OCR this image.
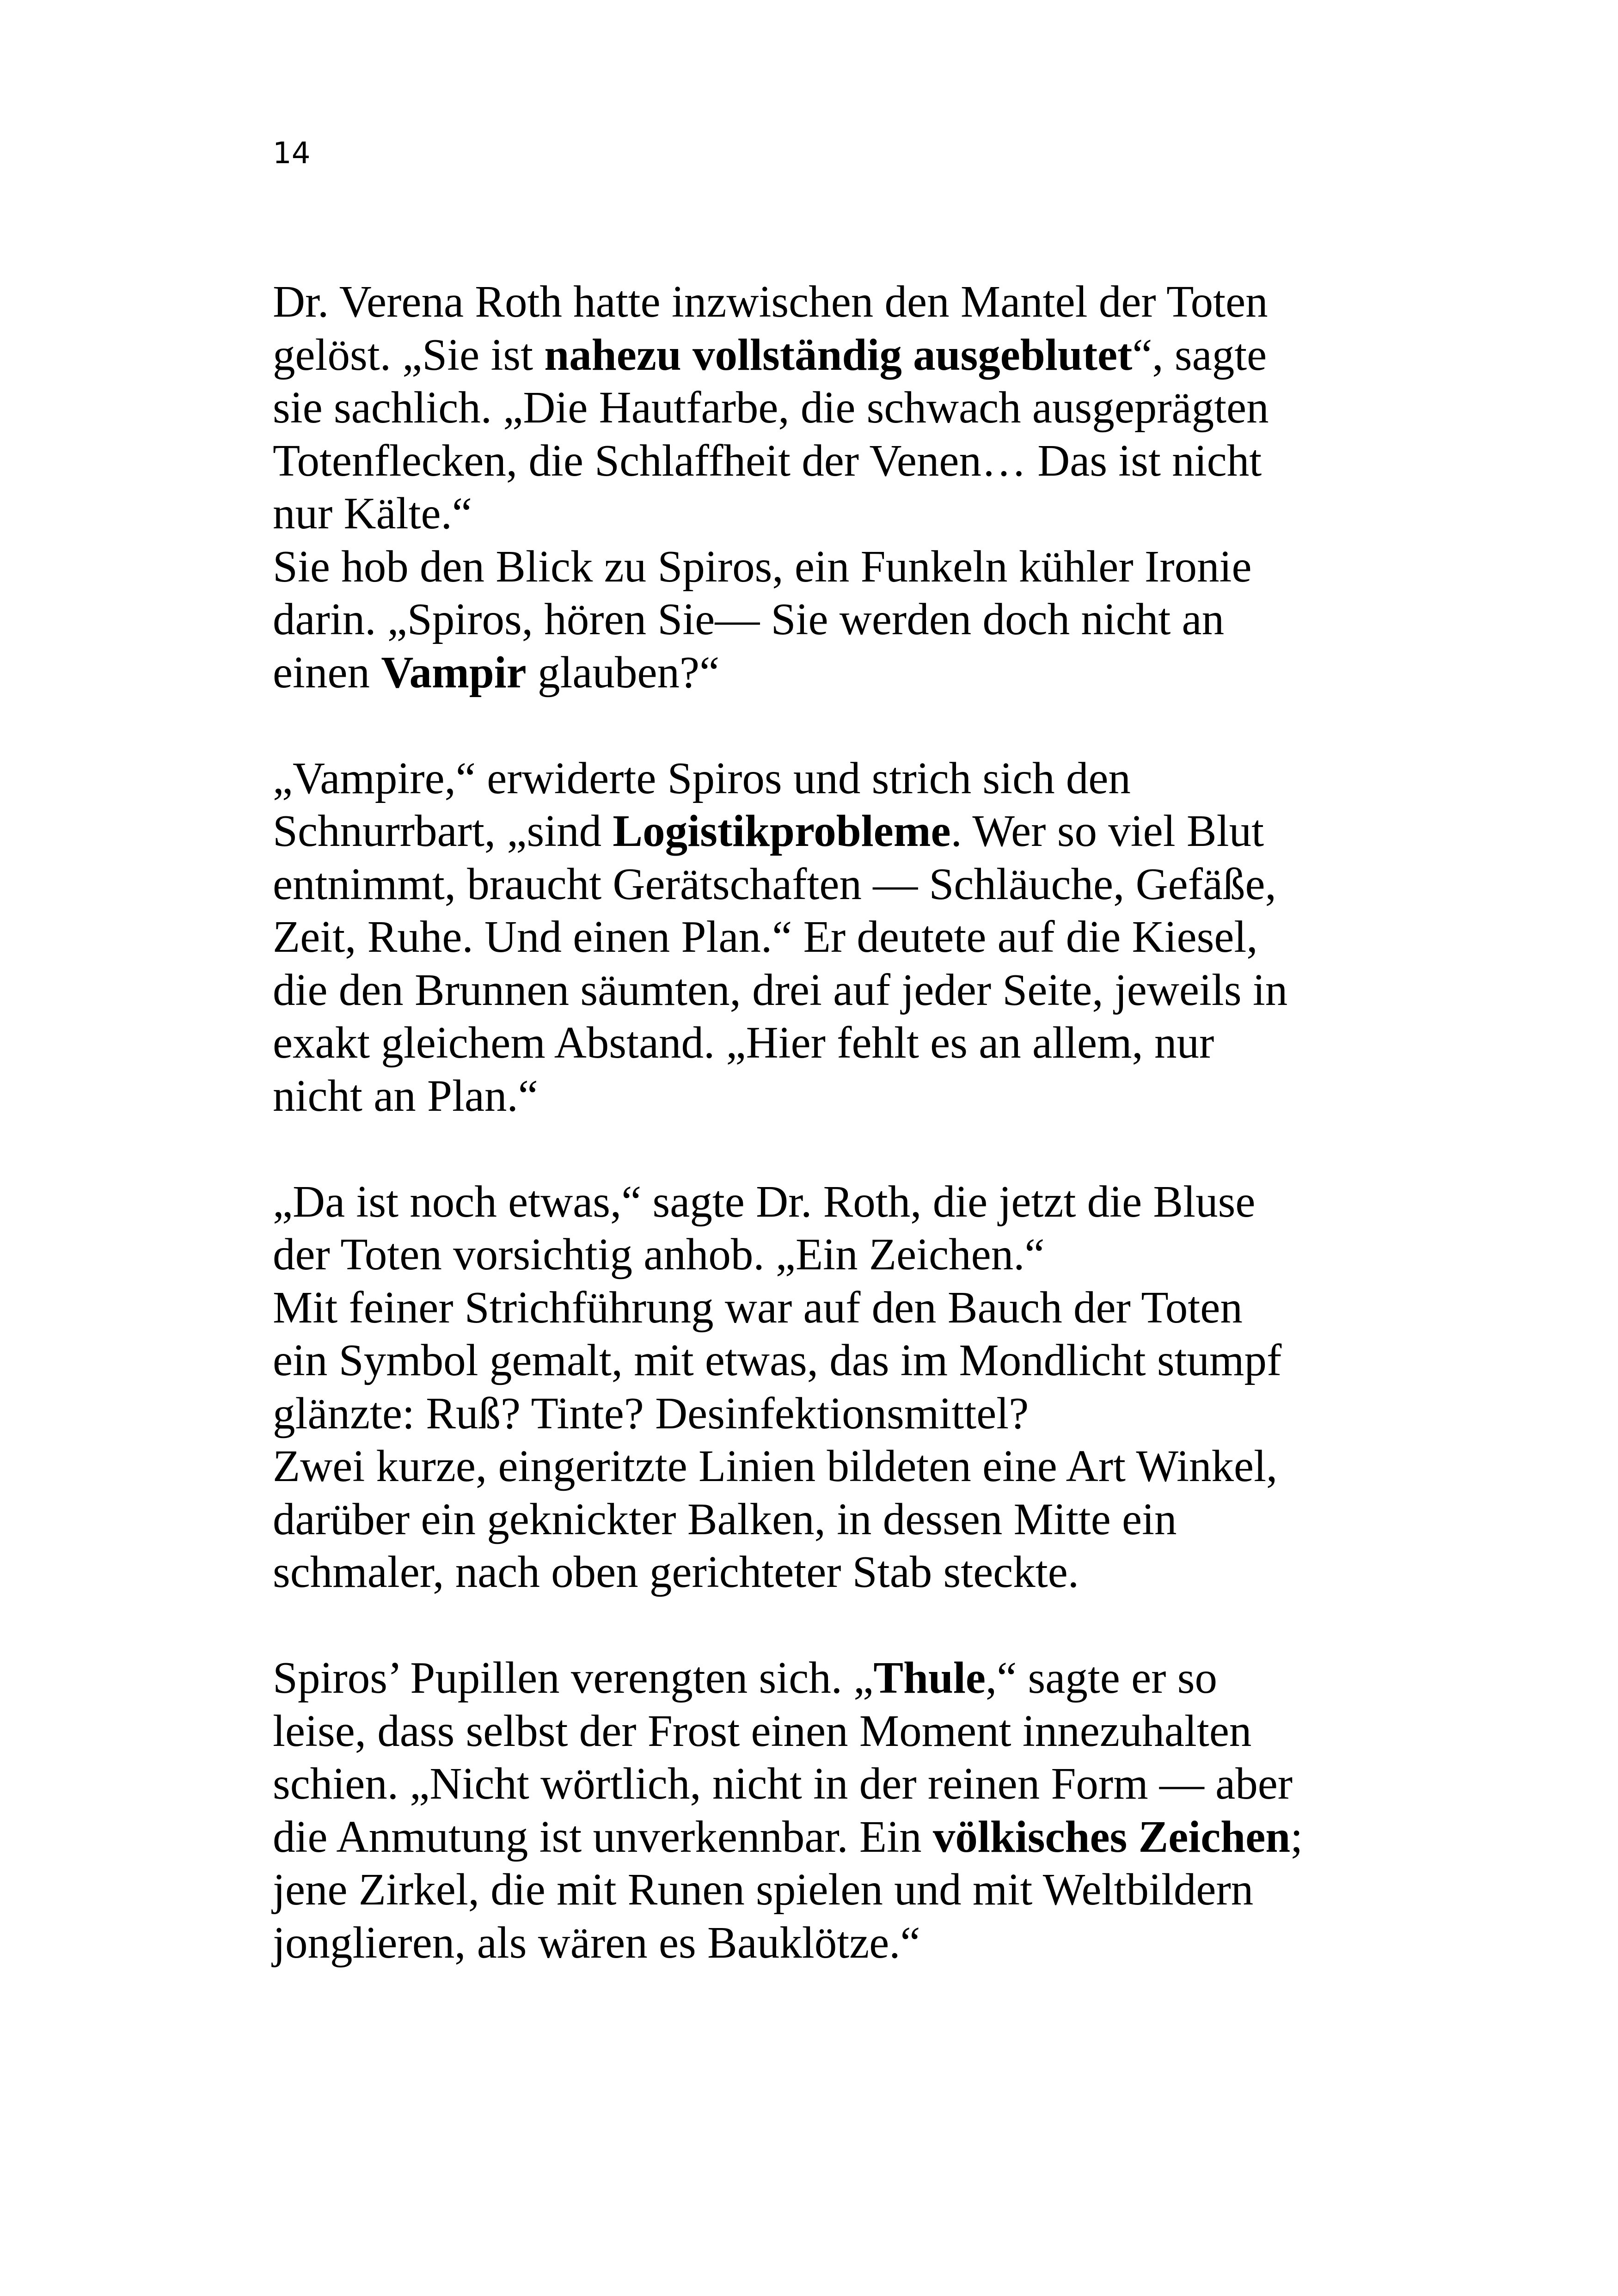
14
Dr. Verena Roth hatte inzwischen den Mantel der Toten
gelöst. „Sie ist nahezu vollständig ausgeblutet“, sagte
sie sachlich. „Die Hautfarbe, die schwach ausgeprägten
Totenflecken, die Schlaffheit der Venen… Das ist nicht
nur Kälte.“
Sie hob den Blick zu Spiros, ein Funkeln kühler Ironie
darin. „Spiros, hören Sie— Sie werden doch nicht an
einen Vampir glauben?“
„Vampire,“ erwiderte Spiros und strich sich den
Schnurrbart, „sind Logistikprobleme. Wer so viel Blut
entnimmt, braucht Gerätschaften — Schläuche, Gefäße,
Zeit, Ruhe. Und einen Plan.“ Er deutete auf die Kiesel,
die den Brunnen säumten, drei auf jeder Seite, jeweils in
exakt gleichem Abstand. „Hier fehlt es an allem, nur
nicht an Plan.“
„Da ist noch etwas,“ sagte Dr. Roth, die jetzt die Bluse
der Toten vorsichtig anhob. „Ein Zeichen.“
Mit feiner Strichführung war auf den Bauch der Toten
ein Symbol gemalt, mit etwas, das im Mondlicht stumpf
glänzte: Ruß? Tinte? Desinfektionsmittel?
Zwei kurze, eingeritzte Linien bildeten eine Art Winkel,
darüber ein geknickter Balken, in dessen Mitte ein
schmaler, nach oben gerichteter Stab steckte.
Spiros’ Pupillen verengten sich. „Thule,“ sagte er so
leise, dass selbst der Frost einen Moment innezuhalten
schien. „Nicht wörtlich, nicht in der reinen Form — aber
die Anmutung ist unverkennbar. Ein völkisches Zeichen;
jene Zirkel, die mit Runen spielen und mit Weltbildern
jonglieren, als wären es Bauklötze.“
